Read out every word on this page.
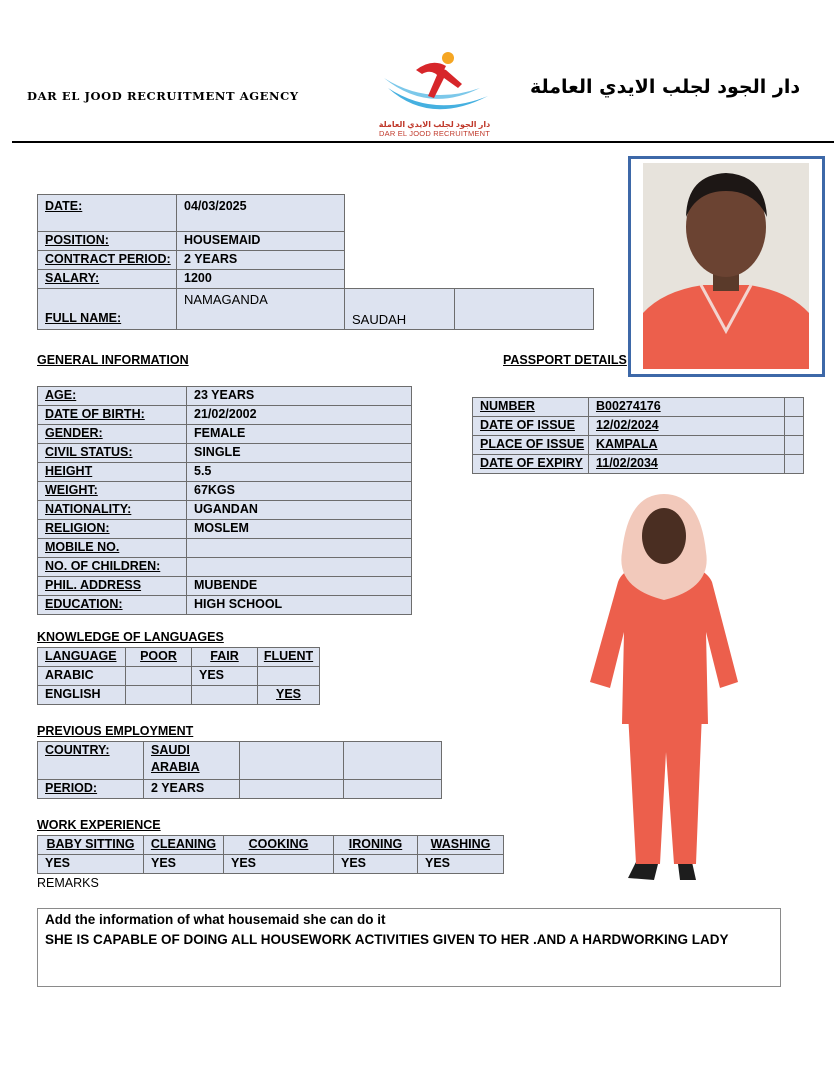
DAR EL JOOD RECRUITMENT AGENCY
دار الجود لجلب الايدي العاملة
DAR EL JOOD RECRUITMENT
دار الجود لجلب الايدي العاملة
DATE:	04/03/2025
POSITION:	HOUSEMAID
CONTRACT PERIOD:	2 YEARS
SALARY:	1200
FULL NAME:	NAMAGANDA	SAUDAH	
GENERAL INFORMATION
AGE:	23 YEARS
DATE OF BIRTH:	21/02/2002
GENDER:	FEMALE
CIVIL STATUS:	SINGLE
HEIGHT	5.5
WEIGHT:	67KGS
NATIONALITY:	UGANDAN
RELIGION:	MOSLEM
MOBILE NO.	
NO. OF CHILDREN:	
PHIL. ADDRESS	MUBENDE
EDUCATION:	HIGH SCHOOL
PASSPORT DETAILS
NUMBER	B00274176	
DATE OF ISSUE	12/02/2024	
PLACE OF ISSUE	KAMPALA	
DATE OF EXPIRY	11/02/2034	
KNOWLEDGE OF LANGUAGES
LANGUAGE	POOR	FAIR	FLUENT
ARABIC		YES	
ENGLISH			YES
PREVIOUS EMPLOYMENT
COUNTRY:	SAUDI
ARABIA		
PERIOD:	2 YEARS		
WORK EXPERIENCE
BABY SITTING	CLEANING	COOKING	IRONING	WASHING
YES	YES	YES	YES	YES
REMARKS
Add the information of what housemaid she can do it
SHE IS CAPABLE OF DOING ALL HOUSEWORK ACTIVITIES GIVEN TO HER .AND A HARDWORKING LADY
